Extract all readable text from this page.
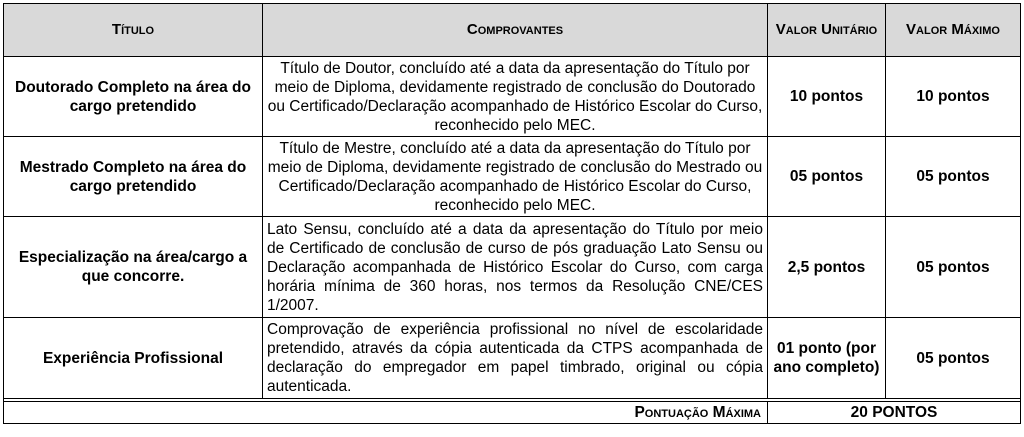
Título	Comprovantes	Valor Unitário	Valor Máximo
Doutorado Completo na área do cargo pretendido	Título de Doutor, concluído até a data da apresentação do Título por meio de Diploma, devidamente registrado de conclusão do Doutorado ou Certificado/Declaração acompanhado de Histórico Escolar do Curso, reconhecido pelo MEC.	10 pontos	10 pontos
Mestrado Completo na área do cargo pretendido	Título de Mestre, concluído até a data da apresentação do Título por meio de Diploma, devidamente registrado de conclusão do Mestrado ou Certificado/Declaração acompanhado de Histórico Escolar do Curso, reconhecido pelo MEC.	05 pontos	05 pontos
Especialização na área/cargo a que concorre.	Lato Sensu, concluído até a data da apresentação do Título por meio de Certificado de conclusão de curso de pós graduação Lato Sensu ou Declaração acompanhada de Histórico Escolar do Curso, com carga horária mínima de 360 horas, nos termos da Resolução CNE/CES 1/2007.	2,5 pontos	05 pontos
Experiência Profissional	Comprovação de experiência profissional no nível de escolaridade pretendido, através da cópia autenticada da CTPS acompanhada de declaração do empregador em papel timbrado, original ou cópia autenticada.	01 ponto (por ano completo)	05 pontos

Pontuação Máxima		20 PONTOS	
